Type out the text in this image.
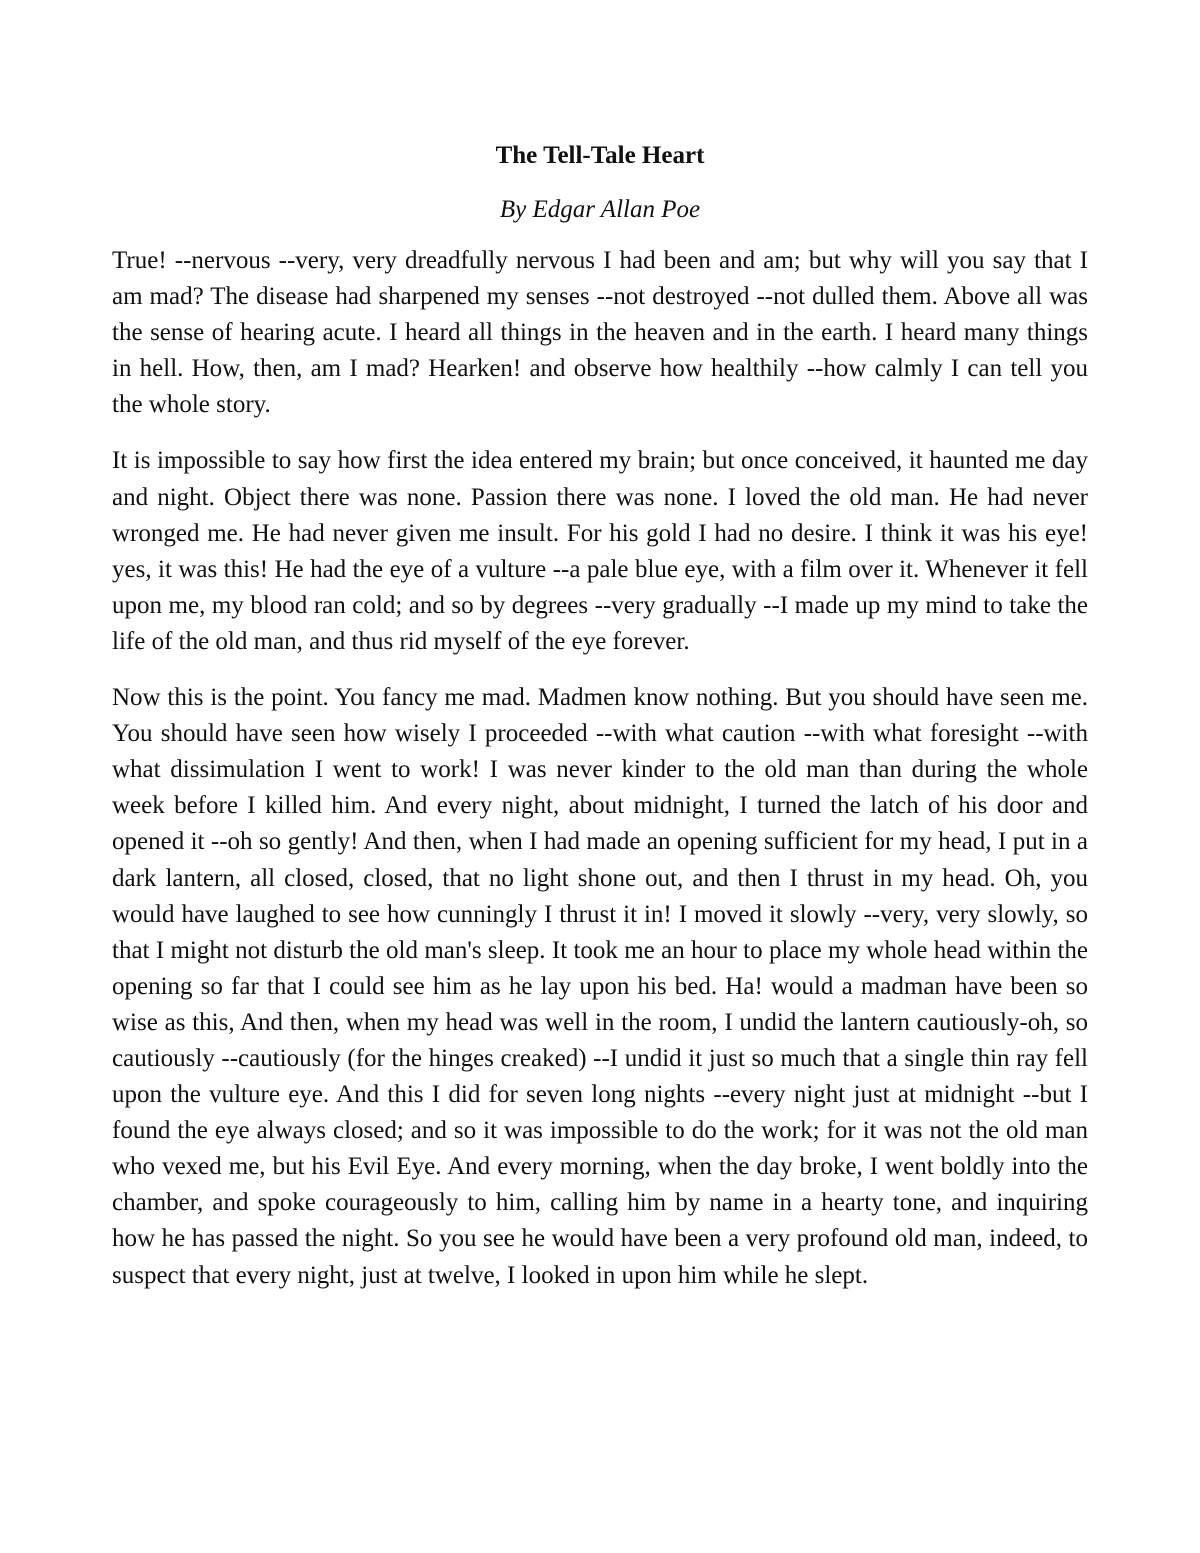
The Tell-Tale Heart

By Edgar Allan Poe

True! --nervous --very, very dreadfully nervous I had been and am; but why will you say that I am mad? The disease had sharpened my senses --not destroyed --not dulled them. Above all was the sense of hearing acute. I heard all things in the heaven and in the earth. I heard many things in hell. How, then, am I mad? Hearken! and observe how healthily --how calmly I can tell you the whole story.

It is impossible to say how first the idea entered my brain; but once conceived, it haunted me day and night. Object there was none. Passion there was none. I loved the old man. He had never wronged me. He had never given me insult. For his gold I had no desire. I think it was his eye! yes, it was this! He had the eye of a vulture --a pale blue eye, with a film over it. Whenever it fell upon me, my blood ran cold; and so by degrees --very gradually --I made up my mind to take the life of the old man, and thus rid myself of the eye forever.

Now this is the point. You fancy me mad. Madmen know nothing. But you should have seen me. You should have seen how wisely I proceeded --with what caution --with what foresight --with what dissimulation I went to work! I was never kinder to the old man than during the whole week before I killed him. And every night, about midnight, I turned the latch of his door and opened it --oh so gently! And then, when I had made an opening sufficient for my head, I put in a dark lantern, all closed, closed, that no light shone out, and then I thrust in my head. Oh, you would have laughed to see how cunningly I thrust it in! I moved it slowly --very, very slowly, so that I might not disturb the old man's sleep. It took me an hour to place my whole head within the opening so far that I could see him as he lay upon his bed. Ha! would a madman have been so wise as this, And then, when my head was well in the room, I undid the lantern cautiously-oh, so cautiously --cautiously (for the hinges creaked) --I undid it just so much that a single thin ray fell upon the vulture eye. And this I did for seven long nights --every night just at midnight --but I found the eye always closed; and so it was impossible to do the work; for it was not the old man who vexed me, but his Evil Eye. And every morning, when the day broke, I went boldly into the chamber, and spoke courageously to him, calling him by name in a hearty tone, and inquiring how he has passed the night. So you see he would have been a very profound old man, indeed, to suspect that every night, just at twelve, I looked in upon him while he slept.
